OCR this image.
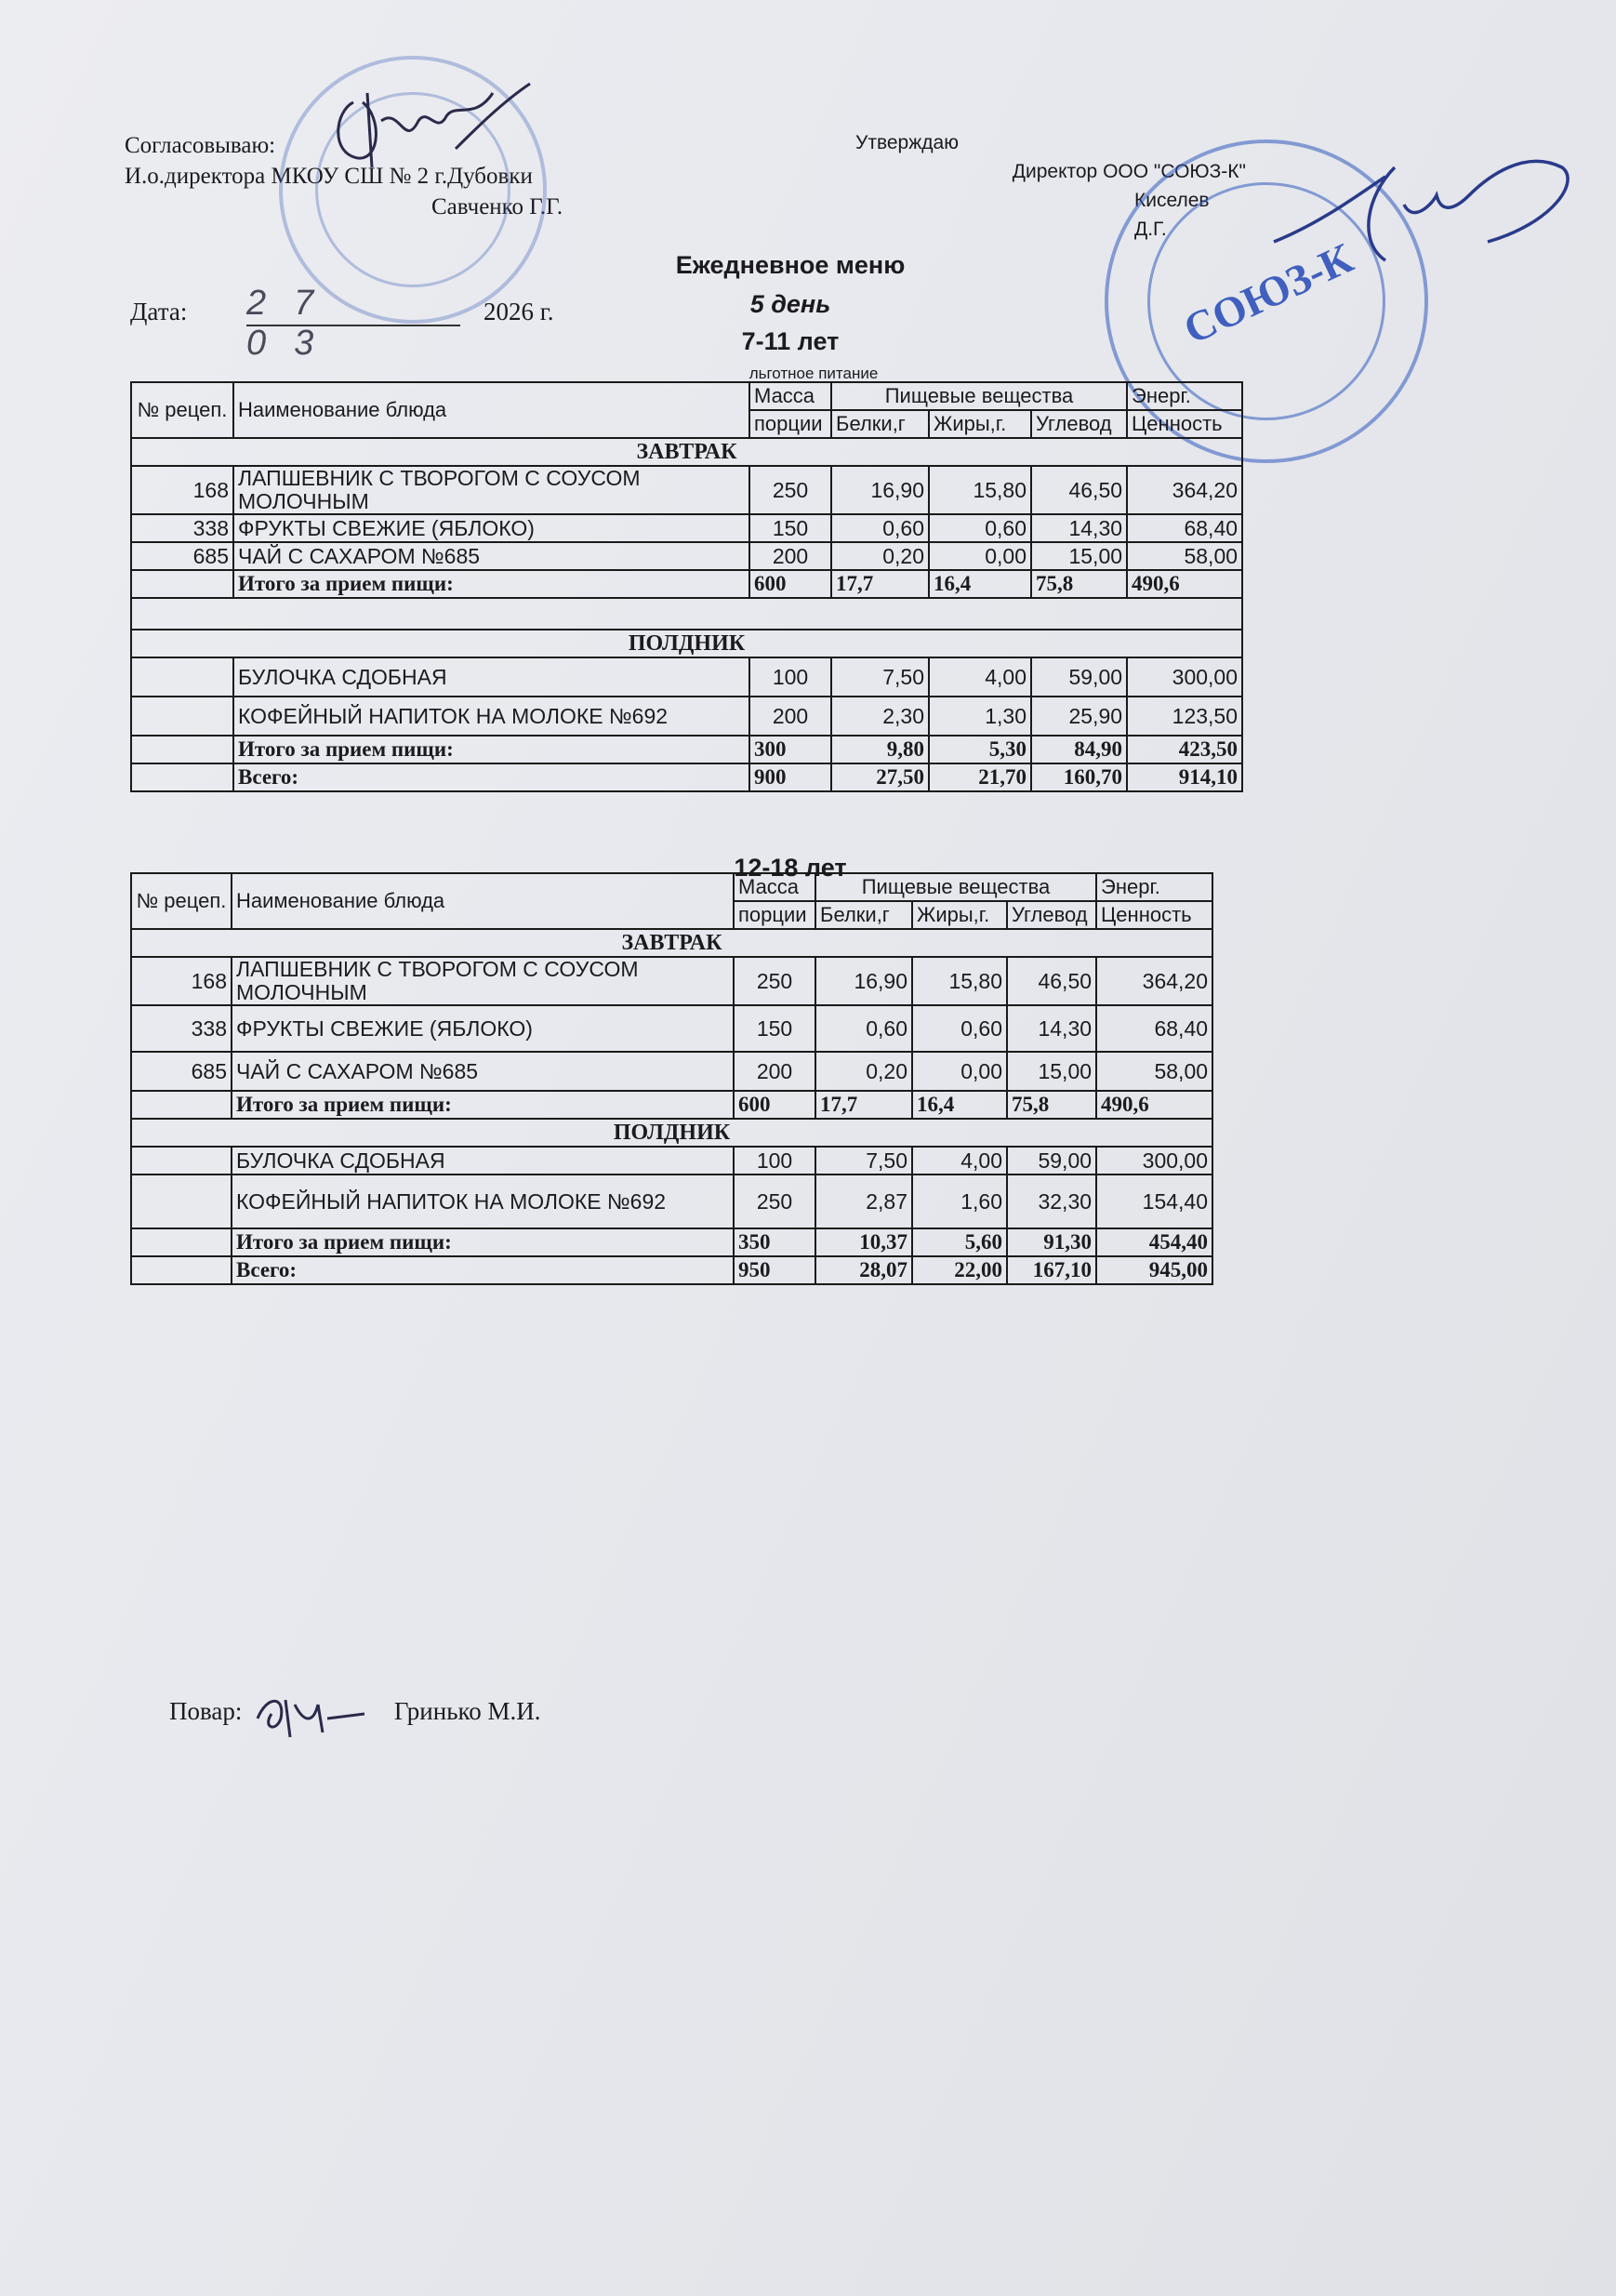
Согласовываю:
И.о.директора МКОУ СШ № 2 г.Дубовки
Савченко Г.Г.
Утверждаю
Директор ООО "СОЮЗ-К"
Киселев Д.Г.
СОЮЗ-К
Ежедневное меню
5 день
Дата: 27 03
2026 г.
7-11 лет
льготное питание
№ рецеп.	Наименование блюда	Масса	Пищевые вещества			Энерг.
		порции	Белки,г	Жиры,г.	Углевод	Ценность
ЗАВТРАК						
168	ЛАПШЕВНИК С ТВОРОГОМ С СОУСОМ МОЛОЧНЫМ	250	16,90	15,80	46,50	364,20
338	ФРУКТЫ СВЕЖИЕ (ЯБЛОКО)	150	0,60	0,60	14,30	68,40
685	ЧАЙ С САХАРОМ №685	200	0,20	0,00	15,00	58,00
	Итого за прием пищи:	600	17,7	16,4	75,8	490,6

ПОЛДНИК						
	БУЛОЧКА СДОБНАЯ	100	7,50	4,00	59,00	300,00
	КОФЕЙНЫЙ НАПИТОК НА МОЛОКЕ №692	200	2,30	1,30	25,90	123,50
	Итого за прием пищи:	300	9,80	5,30	84,90	423,50
	Всего:	900	27,50	21,70	160,70	914,10
12-18 лет
№ рецеп.	Наименование блюда	Масса	Пищевые вещества			Энерг.
		порции	Белки,г	Жиры,г.	Углевод	Ценность
ЗАВТРАК						
168	ЛАПШЕВНИК С ТВОРОГОМ С СОУСОМ МОЛОЧНЫМ	250	16,90	15,80	46,50	364,20
338	ФРУКТЫ СВЕЖИЕ (ЯБЛОКО)	150	0,60	0,60	14,30	68,40
685	ЧАЙ С САХАРОМ №685	200	0,20	0,00	15,00	58,00
	Итого за прием пищи:	600	17,7	16,4	75,8	490,6
ПОЛДНИК						
	БУЛОЧКА СДОБНАЯ	100	7,50	4,00	59,00	300,00
	КОФЕЙНЫЙ НАПИТОК НА МОЛОКЕ №692	250	2,87	1,60	32,30	154,40
	Итого за прием пищи:	350	10,37	5,60	91,30	454,40
	Всего:	950	28,07	22,00	167,10	945,00
Повар:	Гринько М.И.
